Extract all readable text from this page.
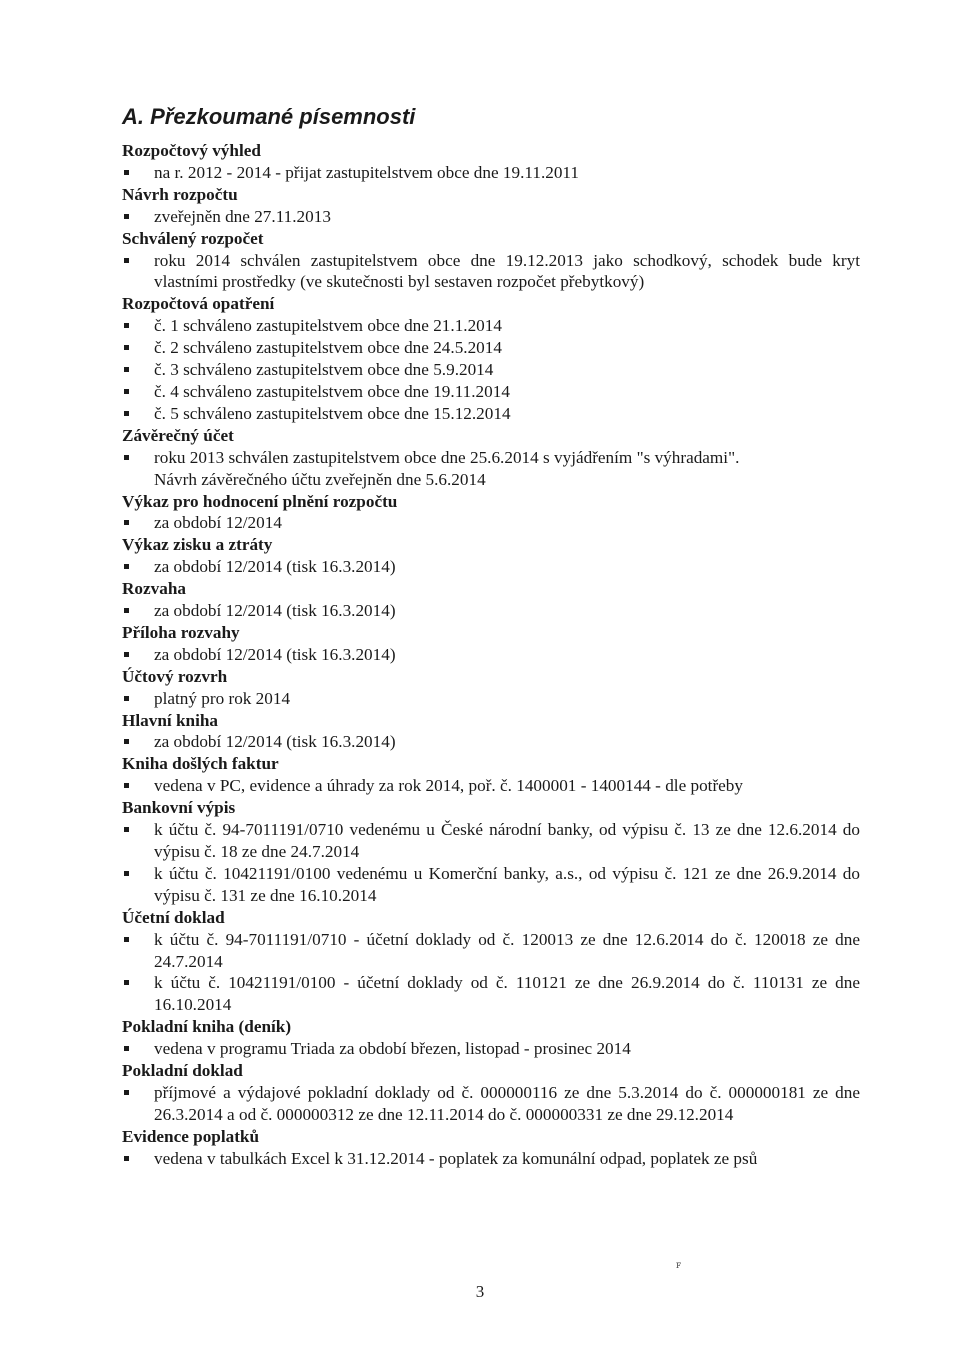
A. Přezkoumané písemnosti
Rozpočtový výhled
na r. 2012 - 2014 - přijat zastupitelstvem obce dne 19.11.2011
Návrh rozpočtu
zveřejněn dne 27.11.2013
Schválený rozpočet
roku 2014 schválen zastupitelstvem obce dne 19.12.2013 jako schodkový, schodek bude kryt vlastními prostředky (ve skutečnosti byl sestaven rozpočet přebytkový)
Rozpočtová opatření
č. 1 schváleno zastupitelstvem obce dne 21.1.2014
č. 2 schváleno zastupitelstvem obce dne 24.5.2014
č. 3 schváleno zastupitelstvem obce dne 5.9.2014
č. 4 schváleno zastupitelstvem obce dne 19.11.2014
č. 5 schváleno zastupitelstvem obce dne 15.12.2014
Závěrečný účet
roku 2013 schválen zastupitelstvem obce dne 25.6.2014 s vyjádřením "s výhradami".
Návrh závěrečného účtu zveřejněn dne 5.6.2014
Výkaz pro hodnocení plnění rozpočtu
za období 12/2014
Výkaz zisku a ztráty
za období 12/2014 (tisk 16.3.2014)
Rozvaha
za období 12/2014 (tisk 16.3.2014)
Příloha rozvahy
za období 12/2014 (tisk 16.3.2014)
Účtový rozvrh
platný pro rok 2014
Hlavní kniha
za období 12/2014 (tisk 16.3.2014)
Kniha došlých faktur
vedena v PC, evidence a úhrady za rok 2014, poř. č. 1400001 - 1400144 - dle potřeby
Bankovní výpis
k účtu č. 94-7011191/0710 vedenému u České národní banky, od výpisu č. 13 ze dne 12.6.2014 do výpisu č. 18 ze dne 24.7.2014
k účtu č. 10421191/0100 vedenému u Komerční banky, a.s., od výpisu č. 121 ze dne 26.9.2014 do výpisu č. 131 ze dne 16.10.2014
Účetní doklad
k účtu č. 94-7011191/0710 - účetní doklady od č. 120013 ze dne 12.6.2014 do č. 120018 ze dne 24.7.2014
k účtu č. 10421191/0100 - účetní doklady od č. 110121 ze dne 26.9.2014 do č. 110131 ze dne 16.10.2014
Pokladní kniha (deník)
vedena v programu Triada za období březen, listopad - prosinec 2014
Pokladní doklad
příjmové a výdajové pokladní doklady od č. 000000116 ze dne 5.3.2014 do č. 000000181 ze dne 26.3.2014 a od č. 000000312 ze dne 12.11.2014 do č. 000000331 ze dne 29.12.2014
Evidence poplatků
vedena v tabulkách Excel k 31.12.2014 - poplatek za komunální odpad, poplatek ze psů
ꜰ
3
